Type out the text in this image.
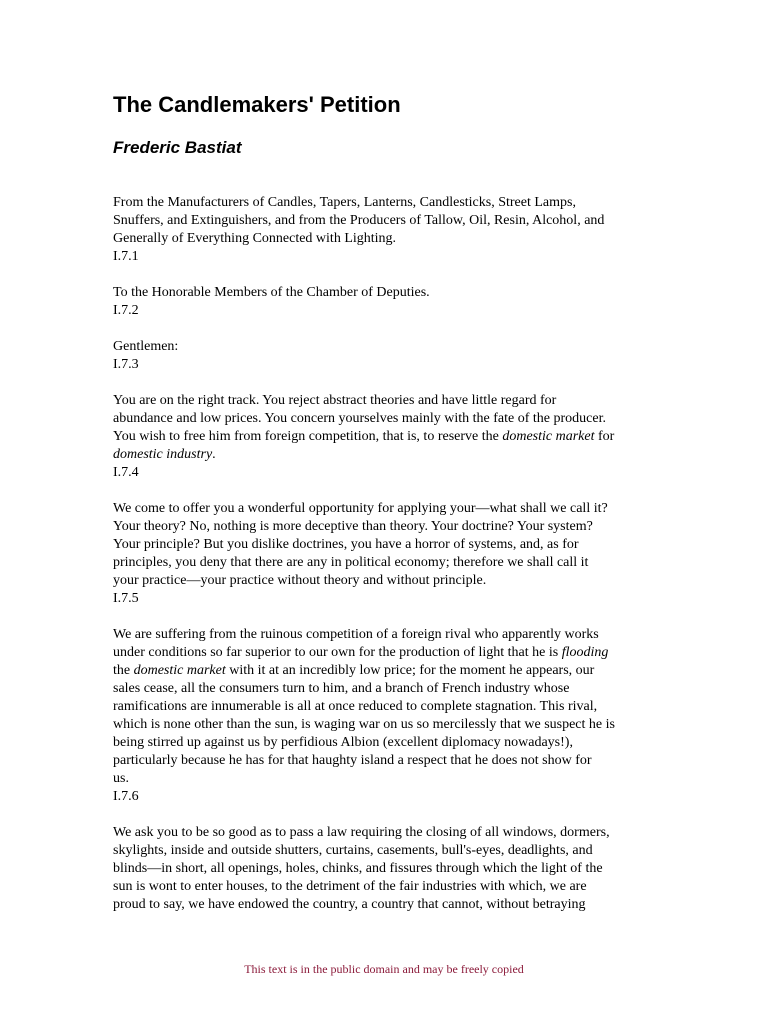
The Candlemakers' Petition
Frederic Bastiat

From the Manufacturers of Candles, Tapers, Lanterns, Candlesticks, Street Lamps,
Snuffers, and Extinguishers, and from the Producers of Tallow, Oil, Resin, Alcohol, and
Generally of Everything Connected with Lighting.

I.7.1

To the Honorable Members of the Chamber of Deputies.

I.7.2

Gentlemen:

I.7.3

You are on the right track. You reject abstract theories and have little regard for
abundance and low prices. You concern yourselves mainly with the fate of the producer.
You wish to free him from foreign competition, that is, to reserve the domestic market for
domestic industry.

I.7.4

We come to offer you a wonderful opportunity for applying your—what shall we call it?
Your theory? No, nothing is more deceptive than theory. Your doctrine? Your system?
Your principle? But you dislike doctrines, you have a horror of systems, and, as for
principles, you deny that there are any in political economy; therefore we shall call it
your practice—your practice without theory and without principle.

I.7.5

We are suffering from the ruinous competition of a foreign rival who apparently works
under conditions so far superior to our own for the production of light that he is flooding
the domestic market with it at an incredibly low price; for the moment he appears, our
sales cease, all the consumers turn to him, and a branch of French industry whose
ramifications are innumerable is all at once reduced to complete stagnation. This rival,
which is none other than the sun, is waging war on us so mercilessly that we suspect he is
being stirred up against us by perfidious Albion (excellent diplomacy nowadays!),
particularly because he has for that haughty island a respect that he does not show for
us.

I.7.6

We ask you to be so good as to pass a law requiring the closing of all windows, dormers,
skylights, inside and outside shutters, curtains, casements, bull's-eyes, deadlights, and
blinds—in short, all openings, holes, chinks, and fissures through which the light of the
sun is wont to enter houses, to the detriment of the fair industries with which, we are
proud to say, we have endowed the country, a country that cannot, without betraying

This text is in the public domain and may be freely copied
